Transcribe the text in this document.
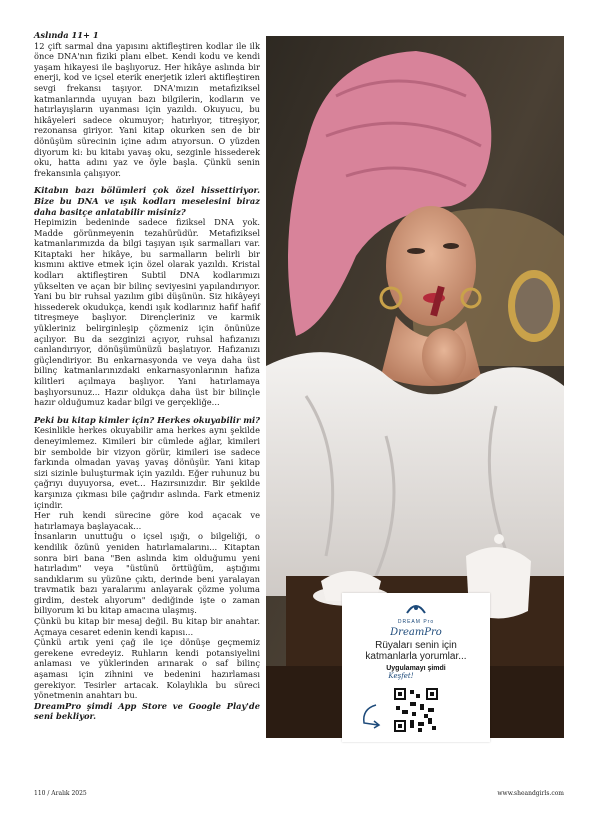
Aslında 11+ 1

12 çift sarmal dna yapısını aktifleştiren kodlar ile ilk önce DNA'nın fiziki planı elbet. Kendi kodu ve kendi yaşam hikayesi ile başlıyoruz. Her hikâye aslında bir enerji, kod ve içsel eterik enerjetik izleri aktifleştiren sevgi frekansı taşıyor. DNA'mızın metafiziksel katmanlarında uyuyan bazı bilgilerin, kodların ve hatırlayışların uyanması için yazıldı. Okuyucu, bu hikâyeleri sadece okumuyor; hatırlıyor, titreşiyor, rezonansa giriyor. Yani kitap okurken sen de bir dönüşüm sürecinin içine adım atıyorsun. O yüzden diyorum ki: bu kitabı yavaş oku, sezginle hissederek oku, hatta adını yaz ve öyle başla. Çünkü senin frekansınla çalışıyor.

Kitabın bazı bölümleri çok özel hissettiriyor. Bize bu DNA ve ışık kodları meselesini biraz daha basitçe anlatabilir misiniz?

Hepimizin bedeninde sadece fiziksel DNA yok. Madde görünmeyenin tezahürüdür. Metafiziksel katmanlarımızda da bilgi taşıyan ışık sarmalları var. Kitaptaki her hikâye, bu sarmalların belirli bir kısmını aktive etmek için özel olarak yazıldı. Kristal kodları aktifleştiren Subtil DNA kodlarımızı yükselten ve açan bir bilinç seviyesini yapılandırıyor. Yani bu bir ruhsal yazılım gibi düşünün. Siz hikâyeyi hissederek okudukça, kendi ışık kodlarınız hafif hafif titreşmeye başlıyor. Dirençleriniz ve karmik yükleriniz belirginleşip çözmeniz için önünüze açılıyor. Bu da sezginizi açıyor, ruhsal hafızanızı canlandırıyor, dönüşümünüzü başlatıyor. Hafızanızı güçlendiriyor. Bu enkarnasyonda ve veya daha üst bilinç katmanlarınızdaki enkarnasyonlarının hafıza kilitleri açılmaya başlıyor. Yani hatırlamaya başlıyorsunuz... Hazır oldukça daha üst bir bilinçle hazır olduğumuz kadar bilgi ve gerçekliğe...

Peki bu kitap kimler için? Herkes okuyabilir mi?

Kesinlikle herkes okuyabilir ama herkes aynı şekilde deneyimlemez. Kimileri bir cümlede ağlar, kimileri bir sembolde bir vizyon görür, kimileri ise sadece farkında olmadan yavaş yavaş dönüşür. Yani kitap sizi sizinle buluşturmak için yazıldı. Eğer ruhunuz bu çağrıyı duyuyorsa, evet... Hazırsınızdır. Bir şekilde karşınıza çıkması bile çağrıdır aslında. Fark etmeniz içindir.

Her ruh kendi sürecine göre kod açacak ve hatırlamaya başlayacak...

İnsanların unuttuğu o içsel ışığı, o bilgeliği, o kendilik özünü yeniden hatırlamalarını... Kitaptan sonra biri bana "Ben aslında kim olduğumu yeni hatırladım" veya "üstünü örttüğüm, aştığımı sandıklarım su yüzüne çıktı, derinde beni yaralayan travmatik bazı yaralarımı anlayarak çözme yoluma girdim, destek alıyorum" dediğinde işte o zaman biliyorum ki bu kitap amacına ulaşmış.

Çünkü bu kitap bir mesaj değil. Bu kitap bir anahtar. Açmaya cesaret edenin kendi kapısı...

Çünkü artık yeni çağ ile içe dönüşe geçmemiz gerekene evredeyiz. Ruhların kendi potansiyelini anlaması ve yüklerinden arınarak o saf bilinç aşaması için zihnini ve bedenini hazırlaması gerekiyor. Tesirler artacak. Kolaylıkla bu süreci yönetmenin anahtarı bu.

DreamPro şimdi App Store ve Google Play'de seni bekliyor.

DREAM Pro
DreamPro
Rüyaları senin için
katmanlarla yorumlar...
Uygulamayı şimdi
Keşfet!
110 / Aralık 2025	www.sheandgirls.com
